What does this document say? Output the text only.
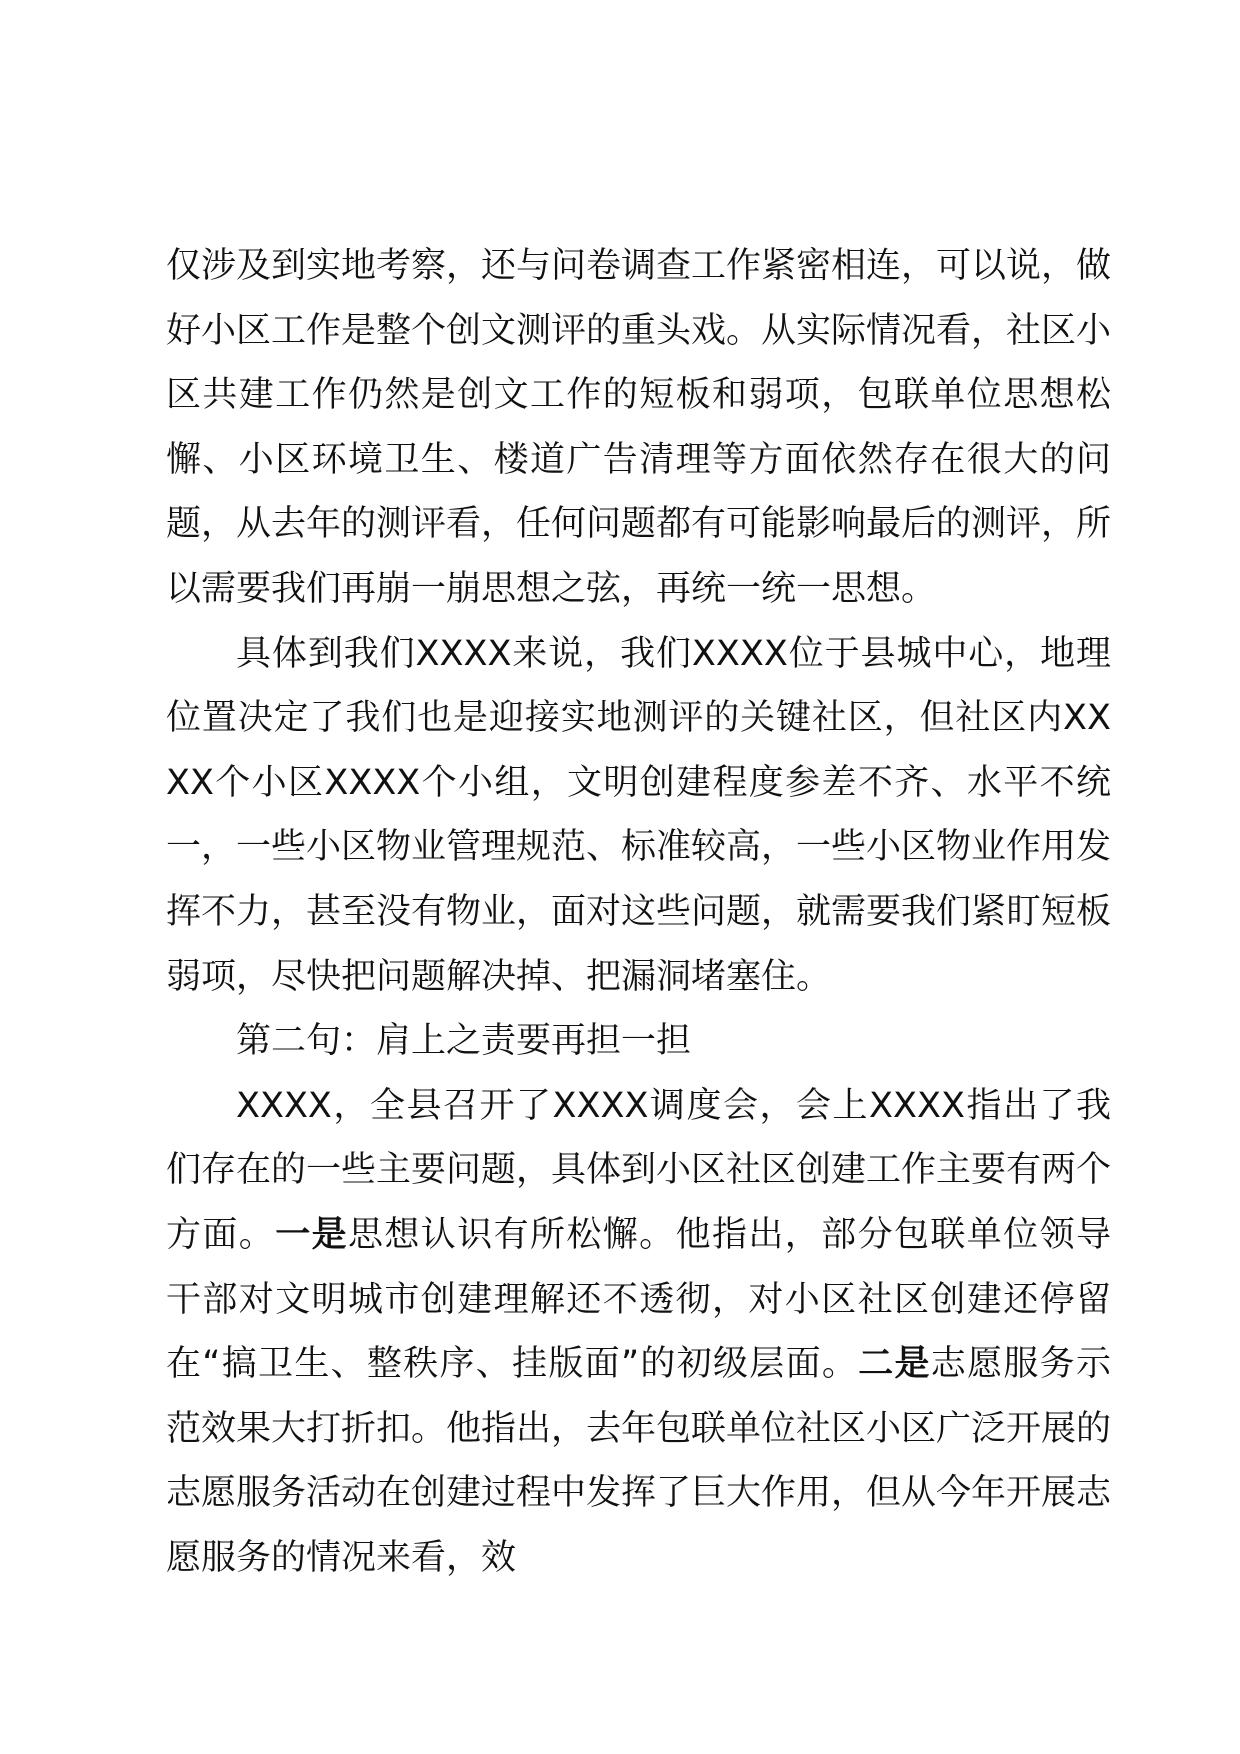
仅涉及到实地考察，还与问卷调查工作紧密相连，可以说，做好小区工作是整个创文测评的重头戏。从实际情况看，社区小区共建工作仍然是创文工作的短板和弱项，包联单位思想松懈、小区环境卫生、楼道广告清理等方面依然存在很大的问题，从去年的测评看，任何问题都有可能影响最后的测评，所以需要我们再崩一崩思想之弦，再统一统一思想。

具体到我们XXXX来说，我们XXXX位于县城中心，地理位置决定了我们也是迎接实地测评的关键社区，但社区内XXXX个小区XXXX个小组，文明创建程度参差不齐、水平不统一，一些小区物业管理规范、标准较高，一些小区物业作用发挥不力，甚至没有物业，面对这些问题，就需要我们紧盯短板弱项，尽快把问题解决掉、把漏洞堵塞住。

第二句：肩上之责要再担一担

XXXX，全县召开了XXXX调度会，会上XXXX指出了我们存在的一些主要问题，具体到小区社区创建工作主要有两个方面。一是思想认识有所松懈。他指出，部分包联单位领导干部对文明城市创建理解还不透彻，对小区社区创建还停留在“搞卫生、整秩序、挂版面”的初级层面。二是志愿服务示范效果大打折扣。他指出，去年包联单位社区小区广泛开展的志愿服务活动在创建过程中发挥了巨大作用，但从今年开展志愿服务的情况来看，效
